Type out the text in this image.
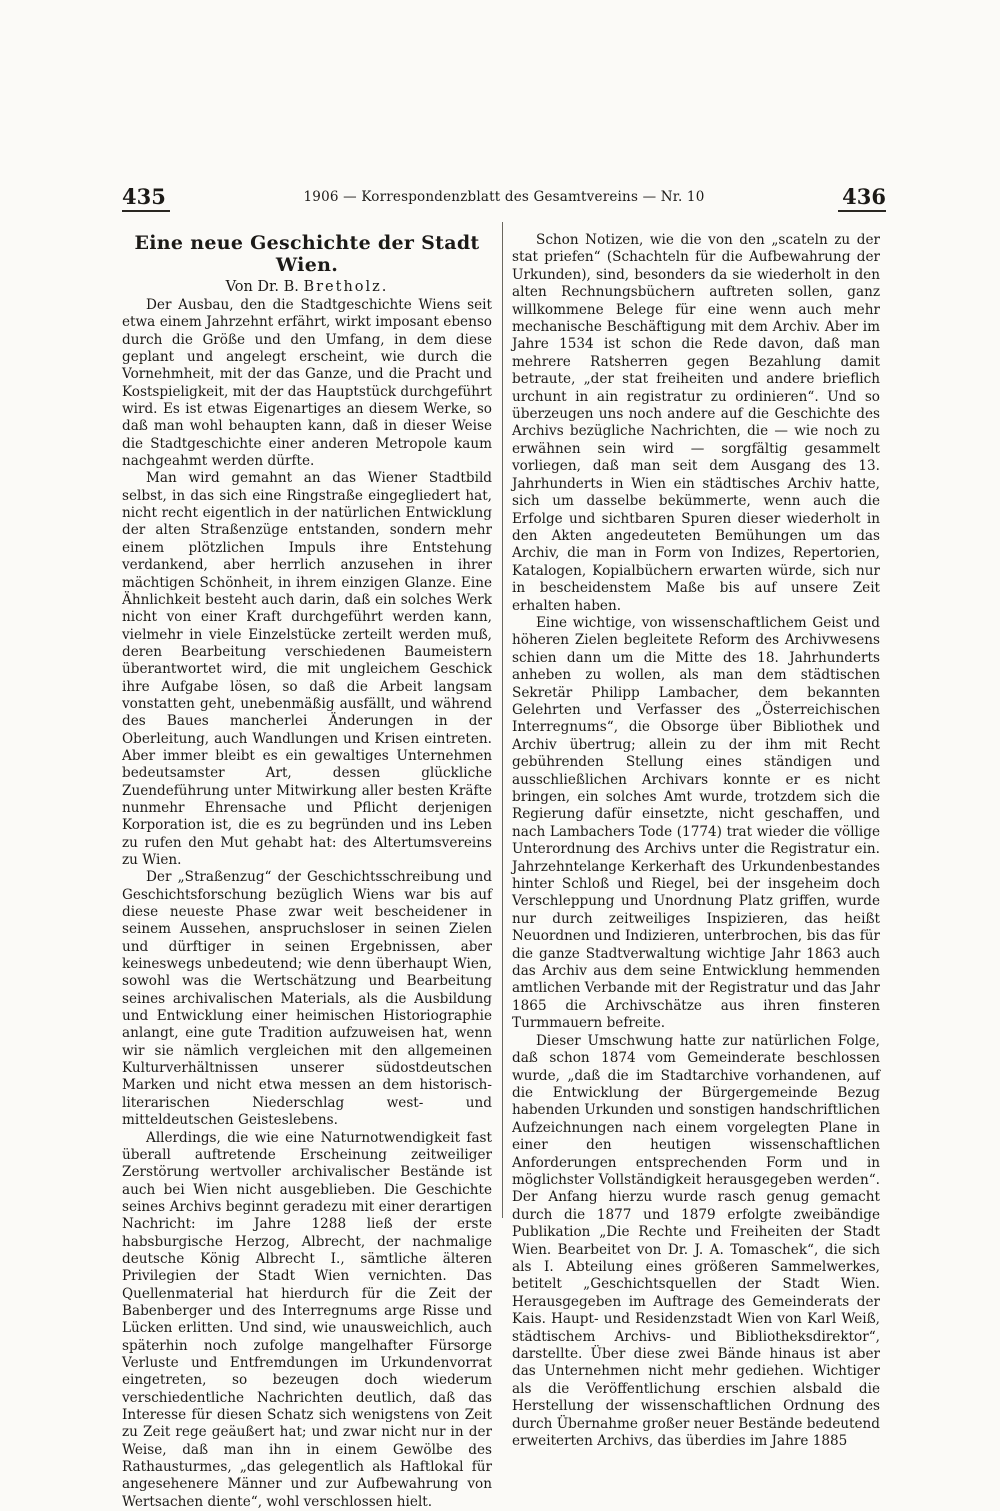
435	1906 — Korrespondenzblatt des Gesamtvereins — Nr. 10	436
Eine neue Geschichte der Stadt Wien.

Von Dr. B. Bretholz.

Der Ausbau, den die Stadtgeschichte Wiens seit etwa einem Jahrzehnt erfährt, wirkt imposant ebenso durch die Größe und den Umfang, in dem diese geplant und angelegt erscheint, wie durch die Vornehmheit, mit der das Ganze, und die Pracht und Kostspieligkeit, mit der das Hauptstück durchgeführt wird. Es ist etwas Eigenartiges an diesem Werke, so daß man wohl behaupten kann, daß in dieser Weise die Stadtgeschichte einer anderen Metropole kaum nachgeahmt werden dürfte.

Man wird gemahnt an das Wiener Stadtbild selbst, in das sich eine Ringstraße eingegliedert hat, nicht recht eigentlich in der natürlichen Entwicklung der alten Straßenzüge entstanden, sondern mehr einem plötzlichen Impuls ihre Entstehung verdankend, aber herrlich anzusehen in ihrer mächtigen Schönheit, in ihrem einzigen Glanze. Eine Ähnlichkeit besteht auch darin, daß ein solches Werk nicht von einer Kraft durchgeführt werden kann, vielmehr in viele Einzelstücke zerteilt werden muß, deren Bearbeitung verschiedenen Baumeistern überantwortet wird, die mit ungleichem Geschick ihre Aufgabe lösen, so daß die Arbeit langsam vonstatten geht, unebenmäßig ausfällt, und während des Baues mancherlei Änderungen in der Oberleitung, auch Wandlungen und Krisen eintreten. Aber immer bleibt es ein gewaltiges Unternehmen bedeutsamster Art, dessen glückliche Zuendeführung unter Mitwirkung aller besten Kräfte nunmehr Ehrensache und Pflicht derjenigen Korporation ist, die es zu begründen und ins Leben zu rufen den Mut gehabt hat: des Altertumsvereins zu Wien.

Der „Straßenzug“ der Geschichtsschreibung und Geschichtsforschung bezüglich Wiens war bis auf diese neueste Phase zwar weit bescheidener in seinem Aussehen, anspruchsloser in seinen Zielen und dürftiger in seinen Ergebnissen, aber keineswegs unbedeutend; wie denn überhaupt Wien, sowohl was die Wertschätzung und Bearbeitung seines archivalischen Materials, als die Ausbildung und Entwicklung einer heimischen Historiographie anlangt, eine gute Tradition aufzuweisen hat, wenn wir sie nämlich vergleichen mit den allgemeinen Kulturverhältnissen unserer südostdeutschen Marken und nicht etwa messen an dem historisch-literarischen Niederschlag west- und mitteldeutschen Geisteslebens.

Allerdings, die wie eine Naturnotwendigkeit fast überall auftretende Erscheinung zeitweiliger Zerstörung wertvoller archivalischer Bestände ist auch bei Wien nicht ausgeblieben. Die Geschichte seines Archivs beginnt geradezu mit einer derartigen Nachricht: im Jahre 1288 ließ der erste habsburgische Herzog, Albrecht, der nachmalige deutsche König Albrecht I., sämtliche älteren Privilegien der Stadt Wien vernichten. Das Quellenmaterial hat hierdurch für die Zeit der Babenberger und des Interregnums arge Risse und Lücken erlitten. Und sind, wie unausweichlich, auch späterhin noch zufolge mangelhafter Fürsorge Verluste und Entfremdungen im Urkundenvorrat eingetreten, so bezeugen doch wiederum verschiedentliche Nachrichten deutlich, daß das Interesse für diesen Schatz sich wenigstens von Zeit zu Zeit rege geäußert hat; und zwar nicht nur in der Weise, daß man ihn in einem Gewölbe des Rathausturmes, „das gelegentlich als Haftlokal für angesehenere Männer und zur Aufbewahrung von Wertsachen diente“, wohl verschlossen hielt.

Schon Notizen, wie die von den „scateln zu der stat priefen“ (Schachteln für die Aufbewahrung der Urkunden), sind, besonders da sie wiederholt in den alten Rechnungsbüchern auftreten sollen, ganz willkommene Belege für eine wenn auch mehr mechanische Beschäftigung mit dem Archiv. Aber im Jahre 1534 ist schon die Rede davon, daß man mehrere Ratsherren gegen Bezahlung damit betraute, „der stat freiheiten und andere brieflich urchunt in ain registratur zu ordinieren“. Und so überzeugen uns noch andere auf die Geschichte des Archivs bezügliche Nachrichten, die — wie noch zu erwähnen sein wird — sorgfältig gesammelt vorliegen, daß man seit dem Ausgang des 13. Jahrhunderts in Wien ein städtisches Archiv hatte, sich um dasselbe bekümmerte, wenn auch die Erfolge und sichtbaren Spuren dieser wiederholt in den Akten angedeuteten Bemühungen um das Archiv, die man in Form von Indizes, Repertorien, Katalogen, Kopialbüchern erwarten würde, sich nur in bescheidenstem Maße bis auf unsere Zeit erhalten haben.

Eine wichtige, von wissenschaftlichem Geist und höheren Zielen begleitete Reform des Archivwesens schien dann um die Mitte des 18. Jahrhunderts anheben zu wollen, als man dem städtischen Sekretär Philipp Lambacher, dem bekannten Gelehrten und Verfasser des „Österreichischen Interregnums“, die Obsorge über Bibliothek und Archiv übertrug; allein zu der ihm mit Recht gebührenden Stellung eines ständigen und ausschließlichen Archivars konnte er es nicht bringen, ein solches Amt wurde, trotzdem sich die Regierung dafür einsetzte, nicht geschaffen, und nach Lambachers Tode (1774) trat wieder die völlige Unterordnung des Archivs unter die Registratur ein. Jahrzehntelange Kerkerhaft des Urkundenbestandes hinter Schloß und Riegel, bei der insgeheim doch Verschleppung und Unordnung Platz griffen, wurde nur durch zeitweiliges Inspizieren, das heißt Neuordnen und Indizieren, unterbrochen, bis das für die ganze Stadtverwaltung wichtige Jahr 1863 auch das Archiv aus dem seine Entwicklung hemmenden amtlichen Verbande mit der Registratur und das Jahr 1865 die Archivschätze aus ihren finsteren Turmmauern befreite.

Dieser Umschwung hatte zur natürlichen Folge, daß schon 1874 vom Gemeinderate beschlossen wurde, „daß die im Stadtarchive vorhandenen, auf die Entwicklung der Bürgergemeinde Bezug habenden Urkunden und sonstigen handschriftlichen Aufzeichnungen nach einem vorgelegten Plane in einer den heutigen wissenschaftlichen Anforderungen entsprechenden Form und in möglichster Vollständigkeit herausgegeben werden“. Der Anfang hierzu wurde rasch genug gemacht durch die 1877 und 1879 erfolgte zweibändige Publikation „Die Rechte und Freiheiten der Stadt Wien. Bearbeitet von Dr. J. A. Tomaschek“, die sich als I. Abteilung eines größeren Sammelwerkes, betitelt „Geschichtsquellen der Stadt Wien. Herausgegeben im Auftrage des Gemeinderats der Kais. Haupt- und Residenzstadt Wien von Karl Weiß, städtischem Archivs- und Bibliotheksdirektor“, darstellte. Über diese zwei Bände hinaus ist aber das Unternehmen nicht mehr gediehen. Wichtiger als die Veröffentlichung erschien alsbald die Herstellung der wissenschaftlichen Ordnung des durch Übernahme großer neuer Bestände bedeutend erweiterten Archivs, das überdies im Jahre 1885
